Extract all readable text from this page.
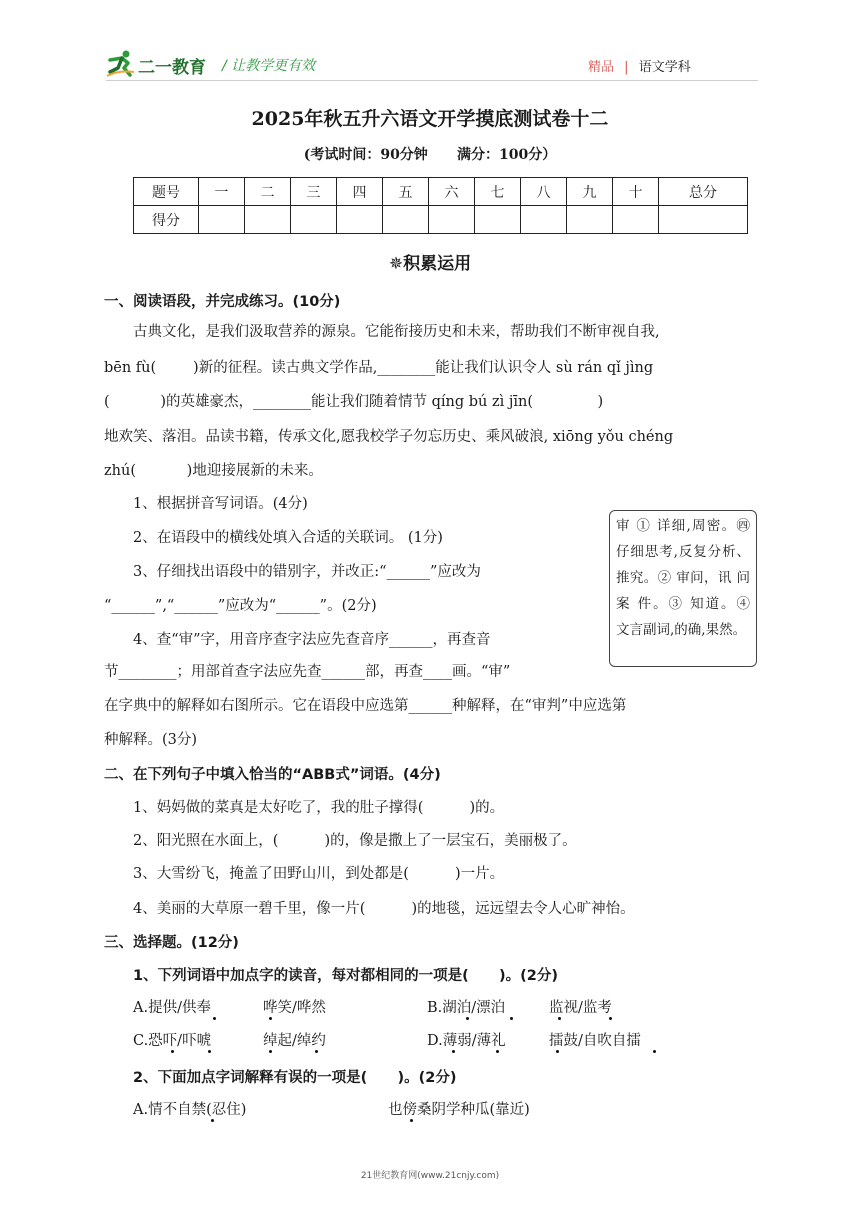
二一教育 / 让教学更有效	精品 | 语文学科
2025年秋五升六语文开学摸底测试卷十二
(考试时间：90分钟      满分：100分）
题号	一	二	三	四	五	六	七	八	九	十	总分
得分											
✵积累运用
一、阅读语段，并完成练习。(10分)
古典文化，是我们汲取营养的源泉。它能衔接历史和未来，帮助我们不断审视自我,
bēn fù(        )新的征程。读古典文学作品,________能让我们认识令人 sù rán qǐ jìng
(           )的英雄豪杰，________能让我们随着情节 qíng bú zì jīn(              )
地欢笑、落泪。品读书籍，传承文化,愿我校学子勿忘历史、乘风破浪, xiōng yǒu chéng
zhú(           )地迎接展新的未来。
1、根据拼音写词语。(4分)
2、在语段中的横线处填入合适的关联词。 (1分)
3、仔细找出语段中的错别字，并改正:“______”应改为
“______”,“______”应改为“______”。(2分)
4、查“审”字，用音序查字法应先查音序______，再查音
节________；用部首查字法应先查______部，再查____画。“审”
在字典中的解释如右图所示。它在语段中应选第______种解释，在“审判”中应选第
种解释。(3分)
审 ① 详细,周密。㊃仔细思考,反复分析、推究。② 审问，讯 问 案 件。③ 知道。④ 文言副词,的确,果然。
二、在下列句子中填入恰当的“ABB式”词语。(4分)
1、妈妈做的菜真是太好吃了，我的肚子撑得(          )的。
2、阳光照在水面上，(          )的，像是撒上了一层宝石，美丽极了。
3、大雪纷飞，掩盖了田野山川，到处都是(          )一片。
4、美丽的大草原一碧千里，像一片(          )的地毯，远远望去令人心旷神怡。
三、选择题。(12分)
1、下列词语中加点字的读音，每对都相同的一项是(      )。(2分)
A.提供/供奉	哗笑/哗然	B.湖泊/漂泊	监视/监考
C.恐吓/吓唬	绰起/绰约	D.薄弱/薄礼	擂鼓/自吹自擂
2、下面加点字词解释有误的一项是(      )。(2分)
A.情不自禁(忍住)	也傍桑阴学种瓜(靠近)
21世纪教育网(www.21cnjy.com)
